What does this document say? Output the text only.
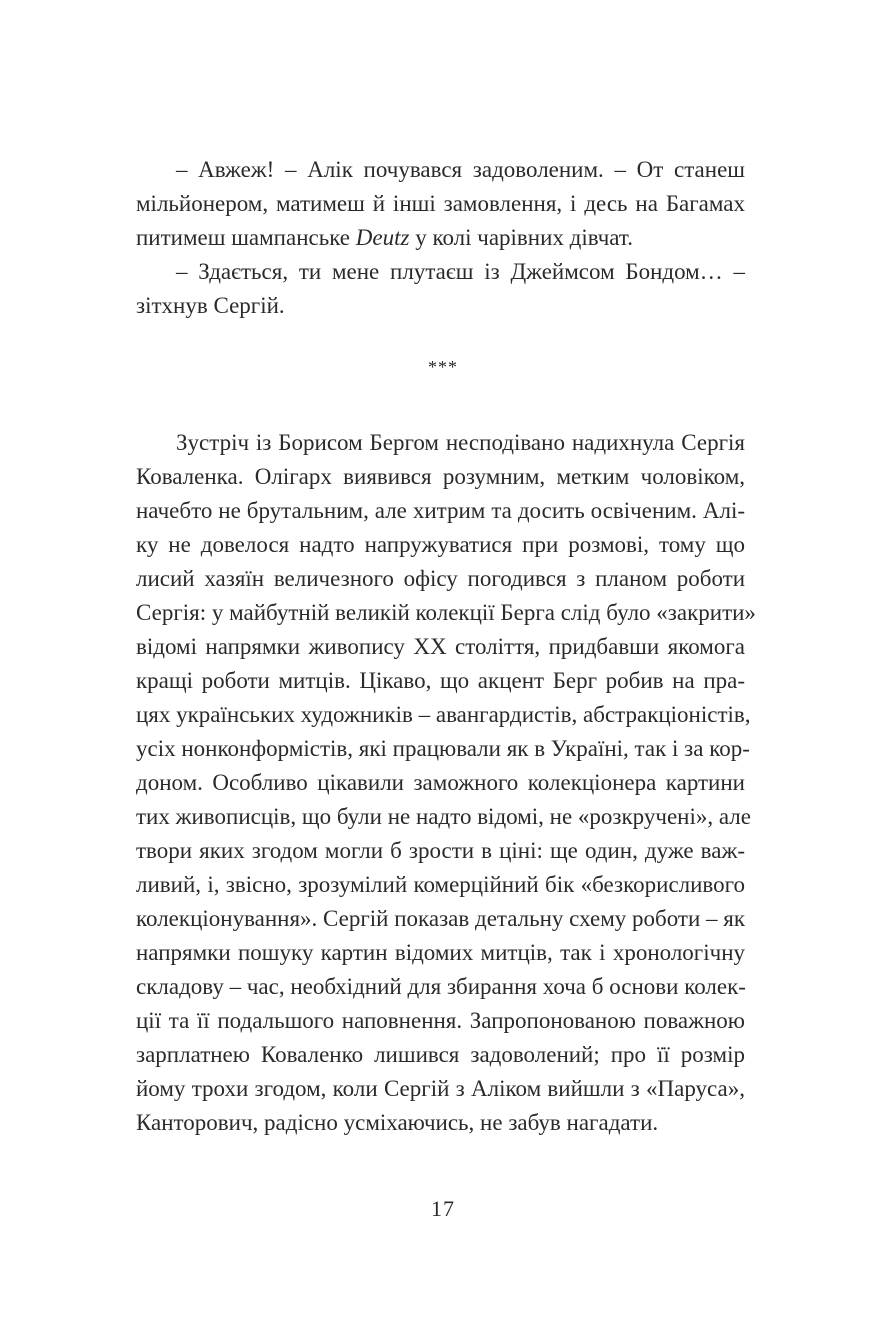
– Авжеж! – Алік почувався задоволеним. – От станеш
мільйонером, матимеш й інші замовлення, і десь на Багамах
питимеш шампанське Deutz у колі чарівних дівчат.
– Здається, ти мене плутаєш із Джеймсом Бондом… –
зітхнув Сергій.
***
Зустріч із Борисом Бергом несподівано надихнула Сергія
Коваленка. Олігарх виявився розумним, метким чоловіком,
начебто не брутальним, але хитрим та досить освіченим. Алі-
ку не довелося надто напружуватися при розмові, тому що
лисий хазяїн величезного офісу погодився з планом роботи
Сергія: у майбутній великій колекції Берга слід було «закрити»
відомі напрямки живопису ХХ століття, придбавши якомога
кращі роботи митців. Цікаво, що акцент Берг робив на пра-
цях українських художників – авангардистів, абстракціоністів,
усіх нонконформістів, які працювали як в Україні, так і за кор-
доном. Особливо цікавили заможного колекціонера картини
тих живописців, що були не надто відомі, не «розкручені», але
твори яких згодом могли б зрости в ціні: ще один, дуже важ-
ливий, і, звісно, зрозумілий комерційний бік «безкорисливого
колекціонування». Сергій показав детальну схему роботи – як
напрямки пошуку картин відомих митців, так і хронологічну
складову – час, необхідний для збирання хоча б основи колек-
ції та її подальшого наповнення. Запропонованою поважною
зарплатнею Коваленко лишився задоволений; про її розмір
йому трохи згодом, коли Сергій з Аліком вийшли з «Паруса»,
Канторович, радісно усміхаючись, не забув нагадати.
17
